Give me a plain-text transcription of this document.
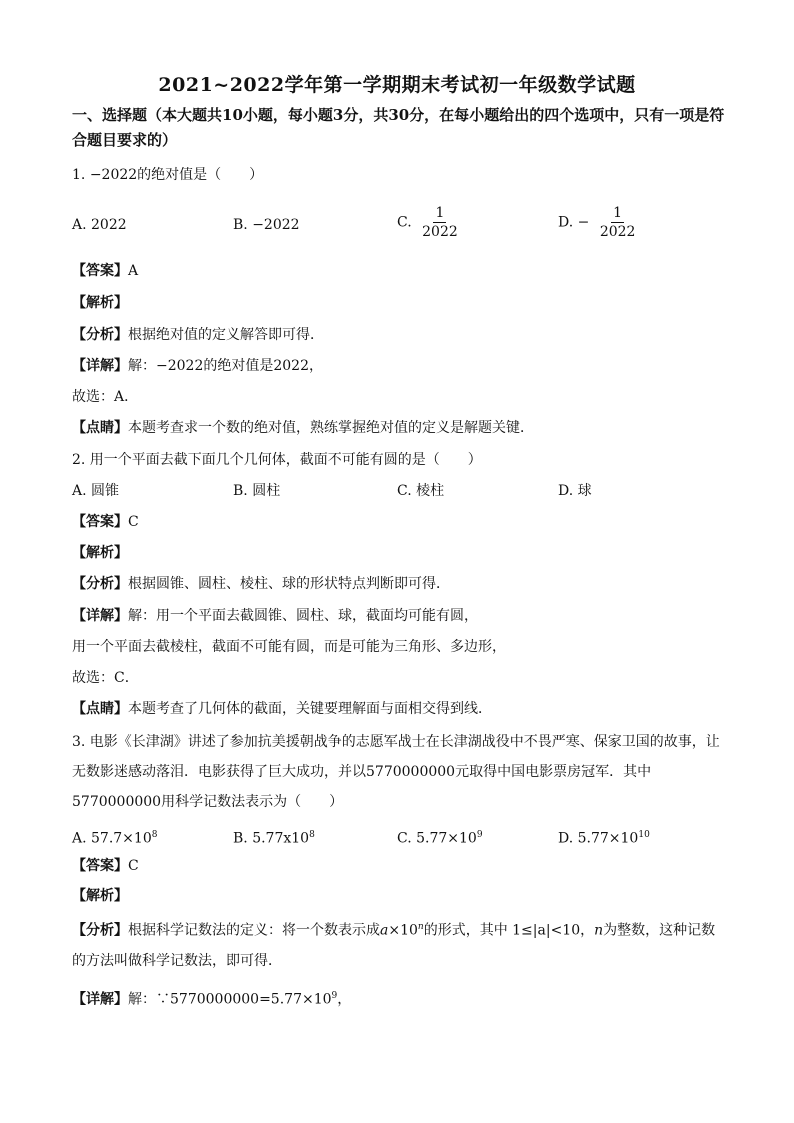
2021~2022学年第一学期期末考试初一年级数学试题
一、选择题（本大题共10小题，每小题3分，共30分，在每小题给出的四个选项中，只有一项是符合题目要求的）
1. −2022的绝对值是（　　）
A. 2022	B. −2022	C. $\frac{1}{2022}$	D. − $\frac{1}{2022}$
【答案】A
【解析】
【分析】根据绝对值的定义解答即可得．
【详解】解：−2022的绝对值是2022，
故选：A．
【点睛】本题考查求一个数的绝对值，熟练掌握绝对值的定义是解题关键．
2. 用一个平面去截下面几个几何体，截面不可能有圆的是（　　）
A. 圆锥	B. 圆柱	C. 棱柱	D. 球
【答案】C
【解析】
【分析】根据圆锥、圆柱、棱柱、球的形状特点判断即可得．
【详解】解：用一个平面去截圆锥、圆柱、球，截面均可能有圆，
用一个平面去截棱柱，截面不可能有圆，而是可能为三角形、多边形，
故选：C．
【点睛】本题考查了几何体的截面，关键要理解面与面相交得到线．
3. 电影《长津湖》讲述了参加抗美援朝战争的志愿军战士在长津湖战役中不畏严寒、保家卫国的故事，让无数影迷感动落泪．电影获得了巨大成功，并以5770000000元取得中国电影票房冠军．其中5770000000用科学记数法表示为（　　）
A. $57.7\times 10^8$	B. $5.77x10^8$	C. $5.77\times 10^9$	D. $5.77\times 10^{10}$
【答案】C
【解析】
【分析】根据科学记数法的定义：将一个数表示成$a\times 10^n$的形式，其中 1≤|a|<10，n为整数，这种记数的方法叫做科学记数法，即可得．
【详解】解：$\because 5770000000=5.77\times 10^9$，
